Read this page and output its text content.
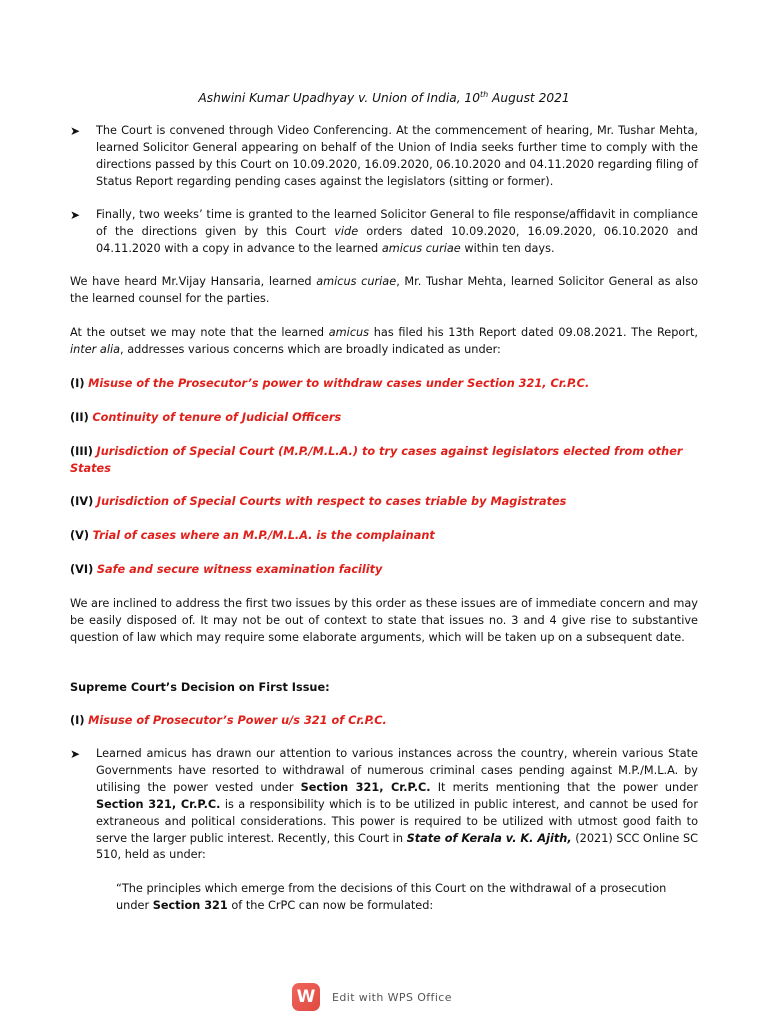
Ashwini Kumar Upadhyay v. Union of India, 10th August 2021
➤ The Court is convened through Video Conferencing. At the commencement of hearing, Mr. Tushar Mehta, learned Solicitor General appearing on behalf of the Union of India seeks further time to comply with the directions passed by this Court on 10.09.2020, 16.09.2020, 06.10.2020 and 04.11.2020 regarding filing of Status Report regarding pending cases against the legislators (sitting or former).
➤ Finally, two weeks’ time is granted to the learned Solicitor General to file response/affidavit in compliance of the directions given by this Court vide orders dated 10.09.2020, 16.09.2020, 06.10.2020 and 04.11.2020 with a copy in advance to the learned amicus curiae within ten days.
We have heard Mr.Vijay Hansaria, learned amicus curiae, Mr. Tushar Mehta, learned Solicitor General as also the learned counsel for the parties.
At the outset we may note that the learned amicus has filed his 13th Report dated 09.08.2021. The Report, inter alia, addresses various concerns which are broadly indicated as under:
(I) Misuse of the Prosecutor’s power to withdraw cases under Section 321, Cr.P.C.
(II) Continuity of tenure of Judicial Officers
(III) Jurisdiction of Special Court (M.P./M.L.A.) to try cases against legislators elected from other States
(IV) Jurisdiction of Special Courts with respect to cases triable by Magistrates
(V) Trial of cases where an M.P./M.L.A. is the complainant
(VI) Safe and secure witness examination facility
We are inclined to address the first two issues by this order as these issues are of immediate concern and may be easily disposed of. It may not be out of context to state that issues no. 3 and 4 give rise to substantive question of law which may require some elaborate arguments, which will be taken up on a subsequent date.
Supreme Court’s Decision on First Issue:
(I) Misuse of Prosecutor’s Power u/s 321 of Cr.P.C.
➤ Learned amicus has drawn our attention to various instances across the country, wherein various State Governments have resorted to withdrawal of numerous criminal cases pending against M.P./M.L.A. by utilising the power vested under Section 321, Cr.P.C. It merits mentioning that the power under Section 321, Cr.P.C. is a responsibility which is to be utilized in public interest, and cannot be used for extraneous and political considerations. This power is required to be utilized with utmost good faith to serve the larger public interest. Recently, this Court in State of Kerala v. K. Ajith, (2021) SCC Online SC 510, held as under:
“The principles which emerge from the decisions of this Court on the withdrawal of a prosecution under Section 321 of the CrPC can now be formulated:
W	Edit with WPS Office
